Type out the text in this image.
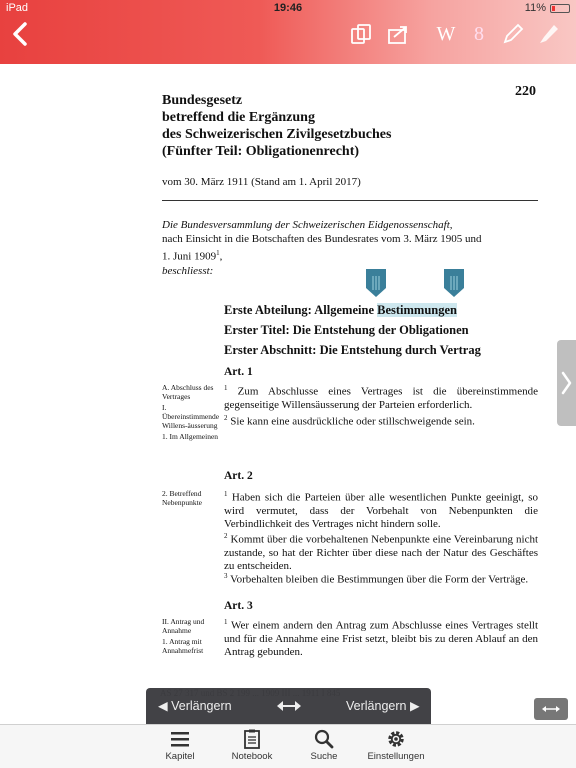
iPad	19:46	11%
W 8
220
Bundesgesetz
betreffend die Ergänzung
des Schweizerischen Zivilgesetzbuches
(Fünfter Teil: Obligationenrecht)
vom 30. März 1911 (Stand am 1. April 2017)
Die Bundesversammlung der Schweizerischen Eidgenossenschaft,
nach Einsicht in die Botschaften des Bundesrates vom 3. März 1905 und 1. Juni 1909$^1$,
beschliesst:
Erste Abteilung: Allgemeine Bestimmungen
Erster Titel: Die Entstehung der Obligationen
Erster Abschnitt: Die Entstehung durch Vertrag
Art. 1
A. Abschluss des Vertrages
I. Übereinstimmende Willens-äusserung
1. Im Allgemeinen
$^1$ Zum Abschlusse eines Vertrages ist die übereinstimmende gegenseitige Willensäusserung der Parteien erforderlich.
$^2$ Sie kann eine ausdrückliche oder stillschweigende sein.
Art. 2
2. Betreffend Nebenpunkte
$^1$ Haben sich die Parteien über alle wesentlichen Punkte geeinigt, so wird vermutet, dass der Vorbehalt von Nebenpunkten die Verbindlichkeit des Vertrages nicht hindern solle.
$^2$ Kommt über die vorbehaltenen Nebenpunkte eine Vereinbarung nicht zustande, so hat der Richter über diese nach der Natur des Geschäftes zu entscheiden.
$^3$ Vorbehalten bleiben die Bestimmungen über die Form der Verträge.
Art. 3
II. Antrag und Annahme
1. Antrag mit Annahmefrist
$^1$ Wer einem andern den Antrag zum Abschlusse eines Vertrages stellt und für die Annahme eine Frist setzt, bleibt bis zu deren Ablauf an den Antrag gebunden.
◀ Verlängern	Verlängern ▶
Kapitel	Notebook	Suche	Einstellungen
